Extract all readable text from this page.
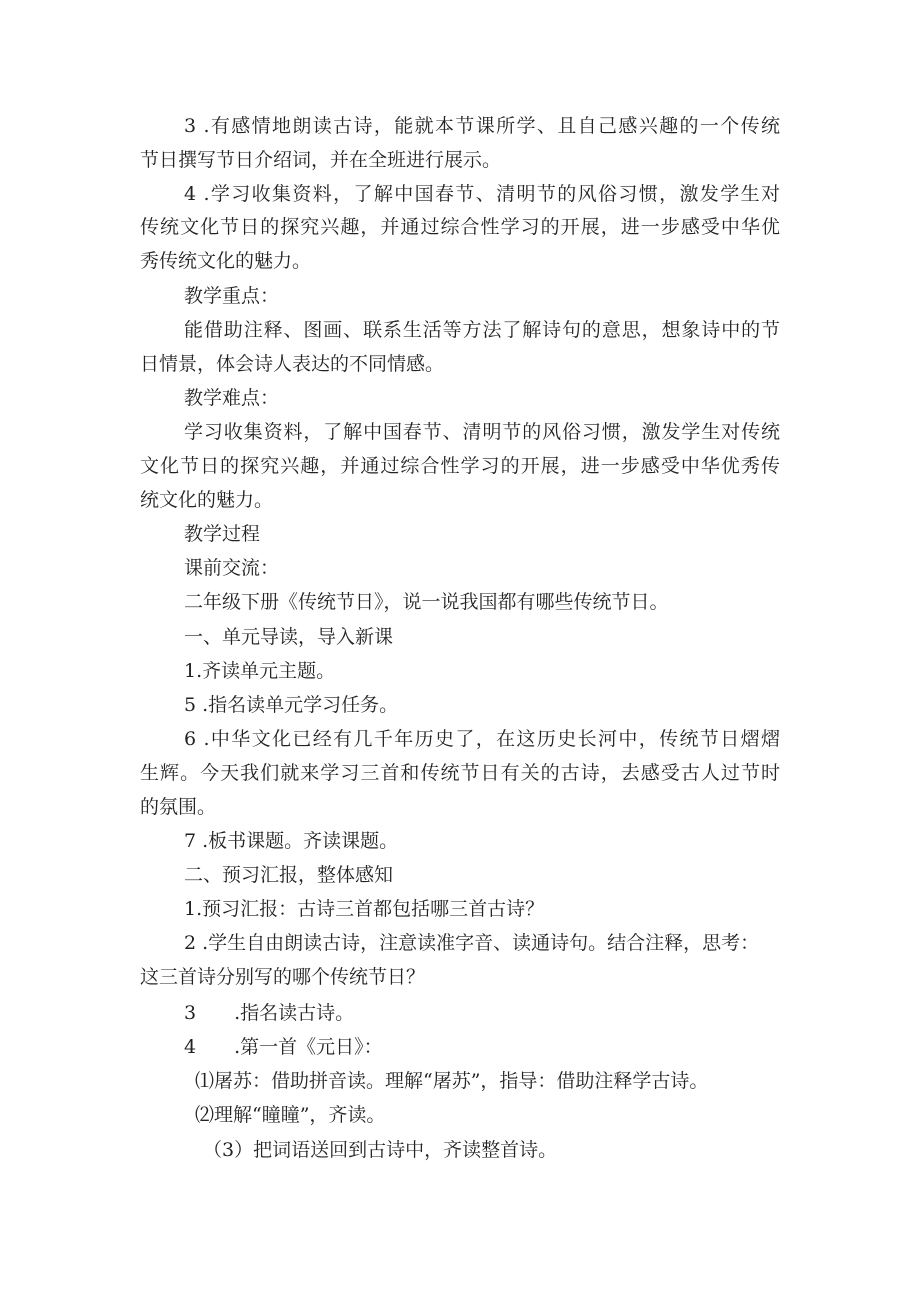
3 .有感情地朗读古诗，能就本节课所学、且自己感兴趣的一个传统
节日撰写节日介绍词，并在全班进行展示。
4 .学习收集资料，了解中国春节、清明节的风俗习惯，激发学生对
传统文化节日的探究兴趣，并通过综合性学习的开展，进一步感受中华优
秀传统文化的魅力。
教学重点：
能借助注释、图画、联系生活等方法了解诗句的意思，想象诗中的节
日情景，体会诗人表达的不同情感。
教学难点：
学习收集资料，了解中国春节、清明节的风俗习惯，激发学生对传统
文化节日的探究兴趣，并通过综合性学习的开展，进一步感受中华优秀传
统文化的魅力。
教学过程
课前交流：
二年级下册《传统节日》，说一说我国都有哪些传统节日。
一、单元导读，导入新课
1.齐读单元主题。
5 .指名读单元学习任务。
6 .中华文化已经有几千年历史了，在这历史长河中，传统节日熠熠
生辉。今天我们就来学习三首和传统节日有关的古诗，去感受古人过节时
的氛围。
7 .板书课题。齐读课题。
二、预习汇报，整体感知
1.预习汇报：古诗三首都包括哪三首古诗？
2 .学生自由朗读古诗，注意读准字音、读通诗句。结合注释，思考：
这三首诗分别写的哪个传统节日？
3　　.指名读古诗。
4　　.第一首《元日》：
⑴屠苏：借助拼音读。理解“屠苏”，指导：借助注释学古诗。
⑵理解“瞳瞳”，齐读。
（3）把词语送回到古诗中，齐读整首诗。
